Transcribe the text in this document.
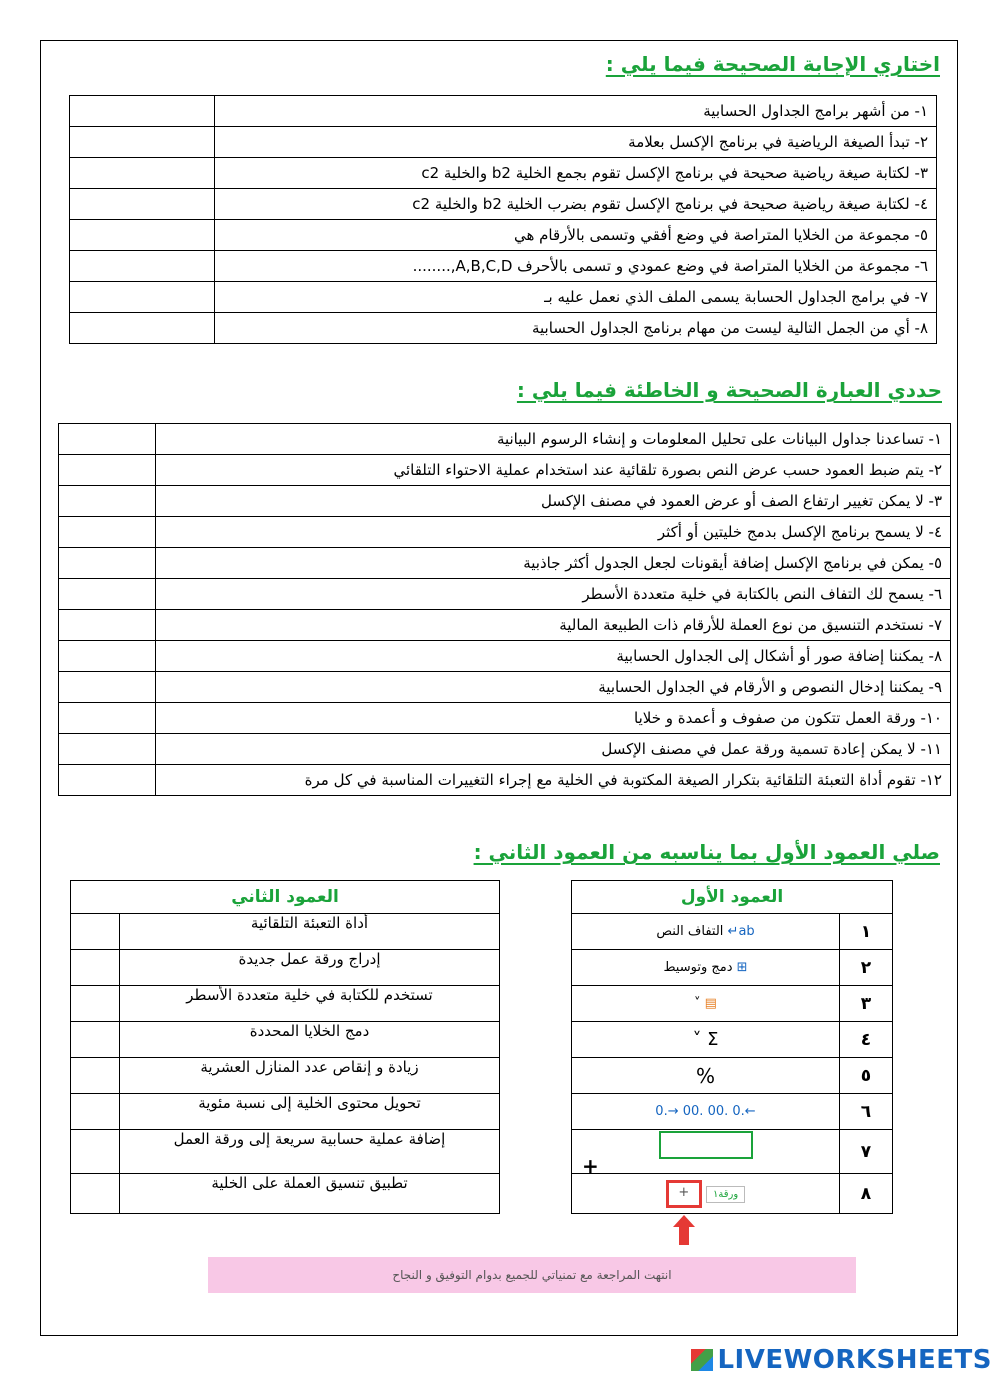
اختاري الإجابة الصحيحة فيما يلي :
١- من أشهر برامج الجداول الحسابية	
٢- تبدأ الصيغة الرياضية في برنامج الإكسل بعلامة	
٣- لكتابة صيغة رياضية صحيحة في برنامج الإكسل تقوم بجمع الخلية b2 والخلية c2	
٤- لكتابة صيغة رياضية صحيحة في برنامج الإكسل تقوم بضرب الخلية b2 والخلية c2	
٥- مجموعة من الخلايا المتراصة في وضع أفقي وتسمى بالأرقام هي	
٦- مجموعة من الخلايا المتراصة في وضع عمودي و تسمى بالأحرف A,B,C,D,........	
٧- في برامج الجداول الحسابة يسمى الملف الذي نعمل عليه بـ	
٨- أي من الجمل التالية ليست من مهام برنامج الجداول الحسابية	
حددي العبارة الصحيحة و الخاطئة فيما يلي :
١- تساعدنا جداول البيانات على تحليل المعلومات و إنشاء الرسوم البيانية	
٢- يتم ضبط العمود حسب عرض النص بصورة تلقائية عند استخدام عملية الاحتواء التلقائي	
٣- لا يمكن تغيير ارتفاع الصف أو عرض العمود في مصنف الإكسل	
٤- لا يسمح برنامج الإكسل بدمج خليتين أو أكثر	
٥- يمكن في برنامج الإكسل إضافة أيقونات لجعل الجدول أكثر جاذبية	
٦- يسمح لك التفاف النص بالكتابة في خلية متعددة الأسطر	
٧- نستخدم التنسيق من نوع العملة للأرقام ذات الطبيعة المالية	
٨- يمكننا إضافة صور أو أشكال إلى الجداول الحسابية	
٩- يمكننا إدخال النصوص و الأرقام في الجداول الحسابية	
١٠- ورقة العمل تتكون من صفوف و أعمدة و خلايا	
١١- لا يمكن إعادة تسمية ورقة عمل في مصنف الإكسل	
١٢- تقوم أداة التعبئة التلقائية بتكرار الصيغة المكتوبة في الخلية مع إجراء التغييرات المناسبة في كل مرة	
صلي العمود الأول بما يناسبه من العمود الثاني :
العمود الأول	
١	ab↵ التفاف النص
٢	⊞ دمج وتوسيط
٣	▤ ˅
٤	Σ ˅
٥	%
٦	←.0 .00 .00 →.0
٧	+

٨	ورقة١ +
العمود الثاني	
أداة التعبئة التلقائية	
إدراج ورقة عمل جديدة	
تستخدم للكتابة في خلية متعددة الأسطر	
دمج الخلايا المحددة	
زيادة و إنقاص عدد المنازل العشرية	
تحويل محتوى الخلية إلى نسبة مئوية	
إضافة عملية حسابية سريعة إلى ورقة العمل	
تطبيق تنسيق العملة على الخلية	
انتهت المراجعة مع تمنياتي للجميع بدوام التوفيق و النجاح
LIVEWORKSHEETS
